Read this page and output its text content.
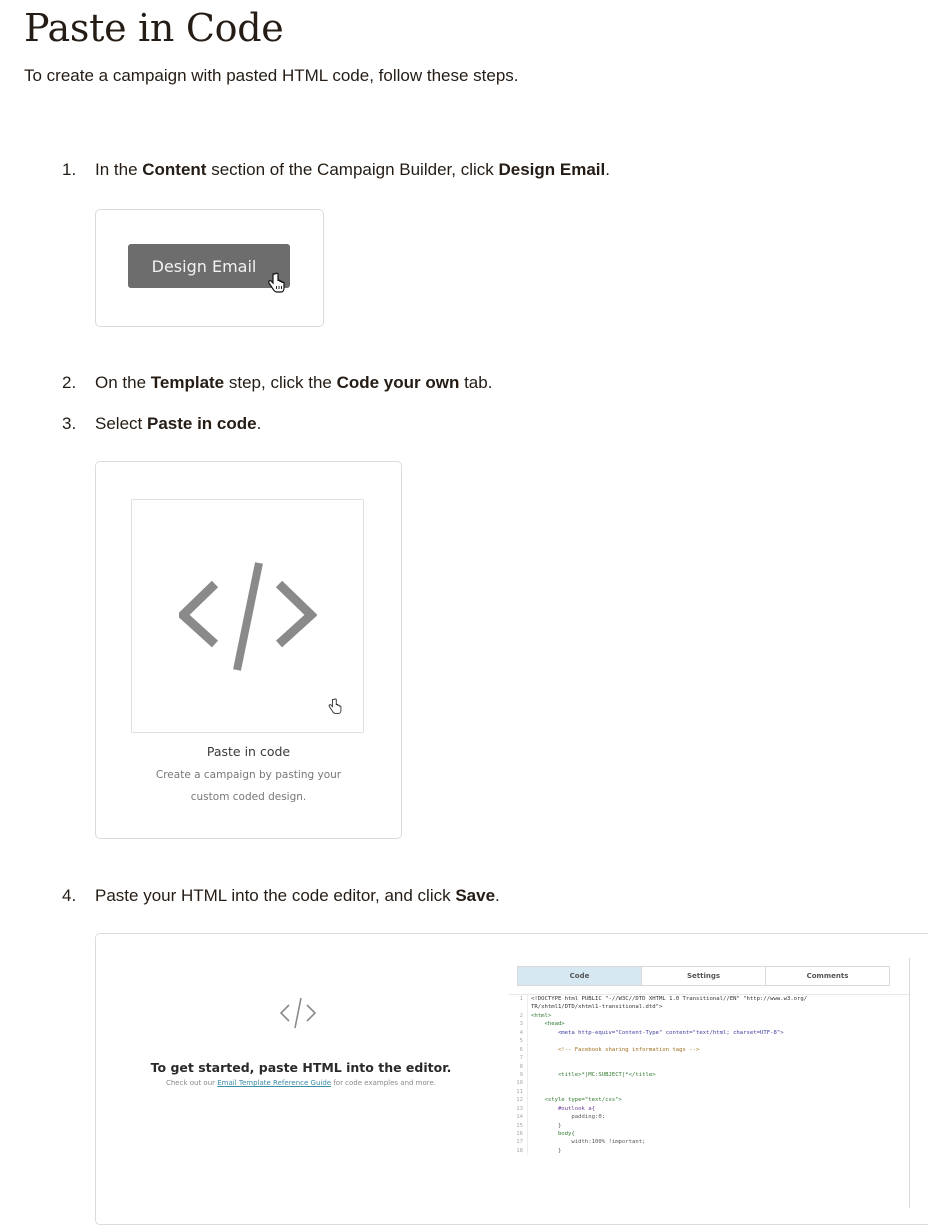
Paste in Code

To create a campaign with pasted HTML code, follow these steps.

1. In the Content section of the Campaign Builder, click Design Email.
Design Email
2. On the Template step, click the Code your own tab.
3. Select Paste in code.
Paste in code
Create a campaign by pasting your
custom coded design.
4. Paste your HTML into the code editor, and click Save.
To get started, paste HTML into the editor.
Check out our Email Template Reference Guide for code examples and more.
Code	Settings	Comments
1	<!DOCTYPE html PUBLIC "-//W3C//DTD XHTML 1.0 Transitional//EN" "http://www.w3.org/
TR/xhtml1/DTD/xhtml1-transitional.dtd">
2	<html>
3	<head>
4	<meta http-equiv="Content-Type" content="text/html; charset=UTF-8">
5
6	<!-- Facebook sharing information tags -->
7
8
9	<title>*|MC:SUBJECT|*</title>
10
11
12	<style type="text/css">
13	#outlook a{
14	padding:0;
15	}
16	body{
17	width:100% !important;
18	}
